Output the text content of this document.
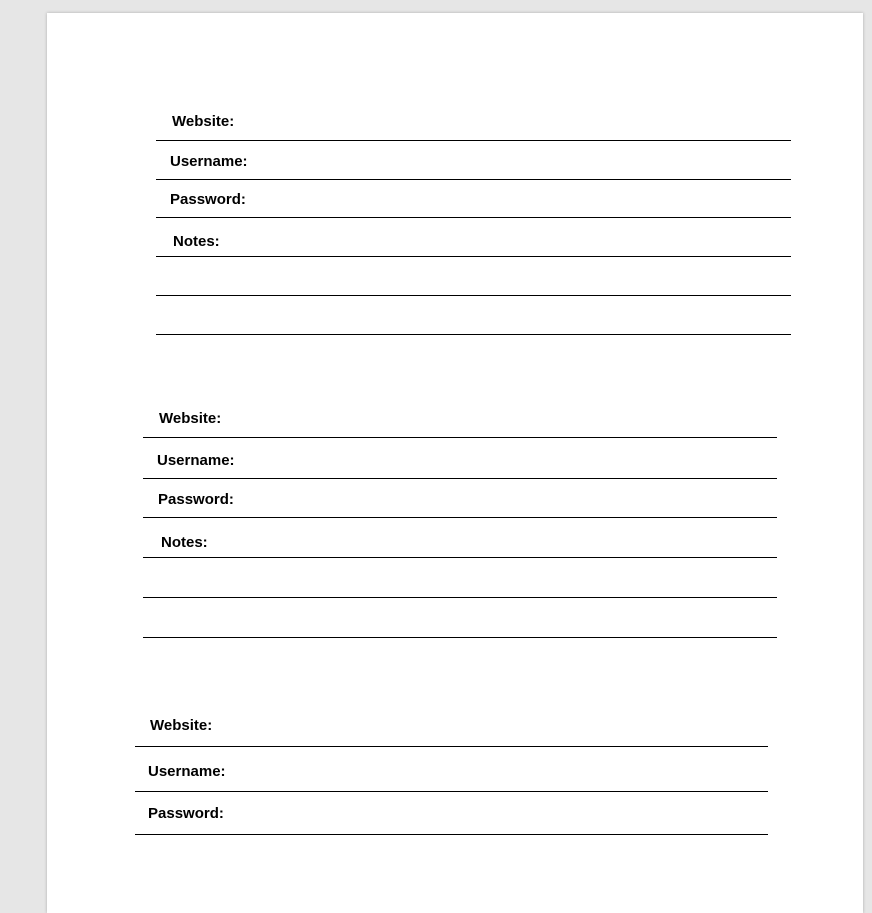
Website:
Username:
Password:
Notes:
Website:
Username:
Password:
Notes:
Website:
Username:
Password:
